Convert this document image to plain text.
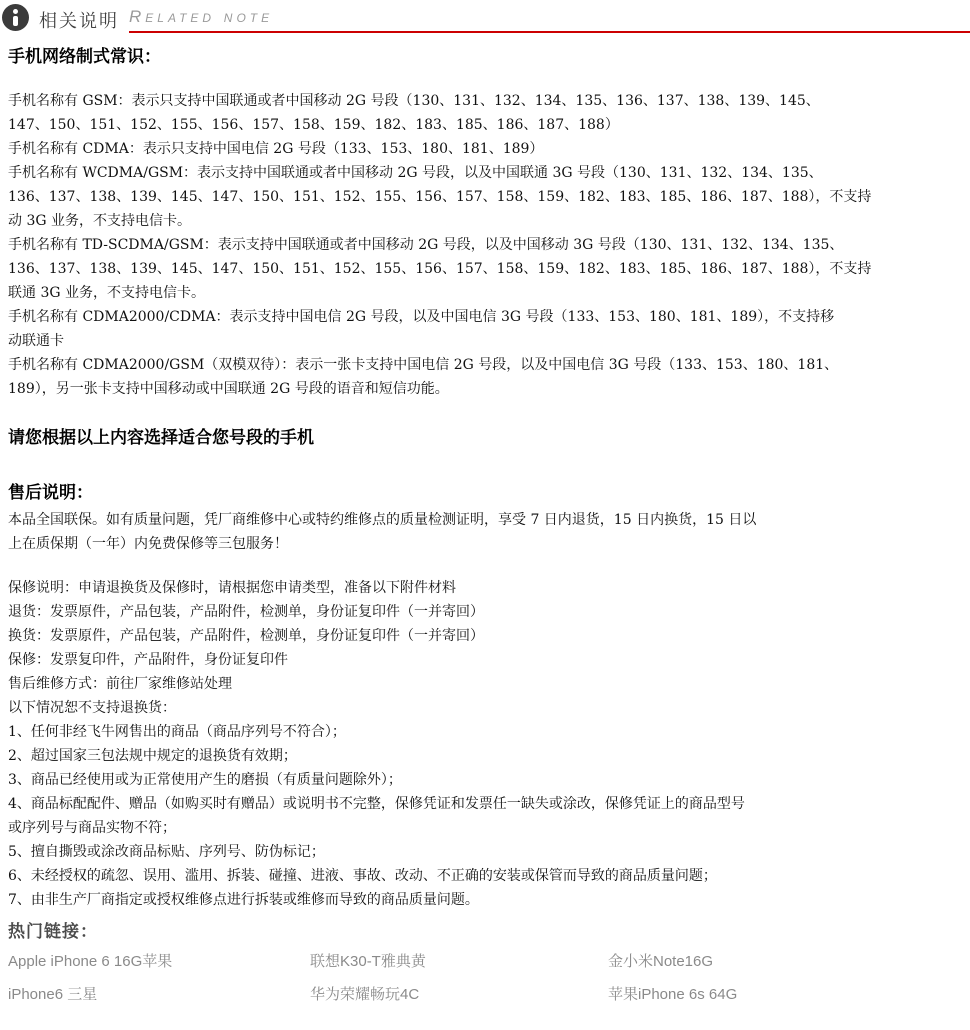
相关说明 Related note
手机网络制式常识：
手机名称有 GSM：表示只支持中国联通或者中国移动 2G 号段（130、131、132、134、135、136、137、138、139、145、
147、150、151、152、155、156、157、158、159、182、183、185、186、187、188）
手机名称有 CDMA：表示只支持中国电信 2G 号段（133、153、180、181、189）
手机名称有 WCDMA/GSM：表示支持中国联通或者中国移动 2G 号段，以及中国联通 3G 号段（130、131、132、134、135、
136、137、138、139、145、147、150、151、152、155、156、157、158、159、182、183、185、186、187、188），不支持
动 3G 业务，不支持电信卡。
手机名称有 TD-SCDMA/GSM：表示支持中国联通或者中国移动 2G 号段，以及中国移动 3G 号段（130、131、132、134、135、
136、137、138、139、145、147、150、151、152、155、156、157、158、159、182、183、185、186、187、188），不支持
联通 3G 业务，不支持电信卡。
手机名称有 CDMA2000/CDMA：表示支持中国电信 2G 号段，以及中国电信 3G 号段（133、153、180、181、189），不支持移
动联通卡
手机名称有 CDMA2000/GSM（双模双待）：表示一张卡支持中国电信 2G 号段，以及中国电信 3G 号段（133、153、180、181、
189），另一张卡支持中国移动或中国联通 2G 号段的语音和短信功能。
请您根据以上内容选择适合您号段的手机
售后说明：
本品全国联保。如有质量问题，凭厂商维修中心或特约维修点的质量检测证明，享受 7 日内退货，15 日内换货，15 日以
上在质保期（一年）内免费保修等三包服务！
保修说明：申请退换货及保修时，请根据您申请类型，准备以下附件材料
退货：发票原件，产品包装，产品附件，检测单，身份证复印件（一并寄回）
换货：发票原件，产品包装，产品附件，检测单，身份证复印件（一并寄回）
保修：发票复印件，产品附件，身份证复印件
售后维修方式：前往厂家维修站处理
以下情况恕不支持退换货：
1、任何非经飞牛网售出的商品（商品序列号不符合）；
2、超过国家三包法规中规定的退换货有效期；
3、商品已经使用或为正常使用产生的磨损（有质量问题除外）；
4、商品标配配件、赠品（如购买时有赠品）或说明书不完整，保修凭证和发票任一缺失或涂改，保修凭证上的商品型号
或序列号与商品实物不符；
5、擅自撕毁或涂改商品标贴、序列号、防伪标记；
6、未经授权的疏忽、误用、滥用、拆装、碰撞、进液、事故、改动、不正确的安装或保管而导致的商品质量问题；
7、由非生产厂商指定或授权维修点进行拆装或维修而导致的商品质量问题。
热门链接：
Apple iPhone 6 16G苹果	联想K30-T雅典黄	金小米Note16G
iPhone6 三星	华为荣耀畅玩4C	苹果iPhone 6s 64G
